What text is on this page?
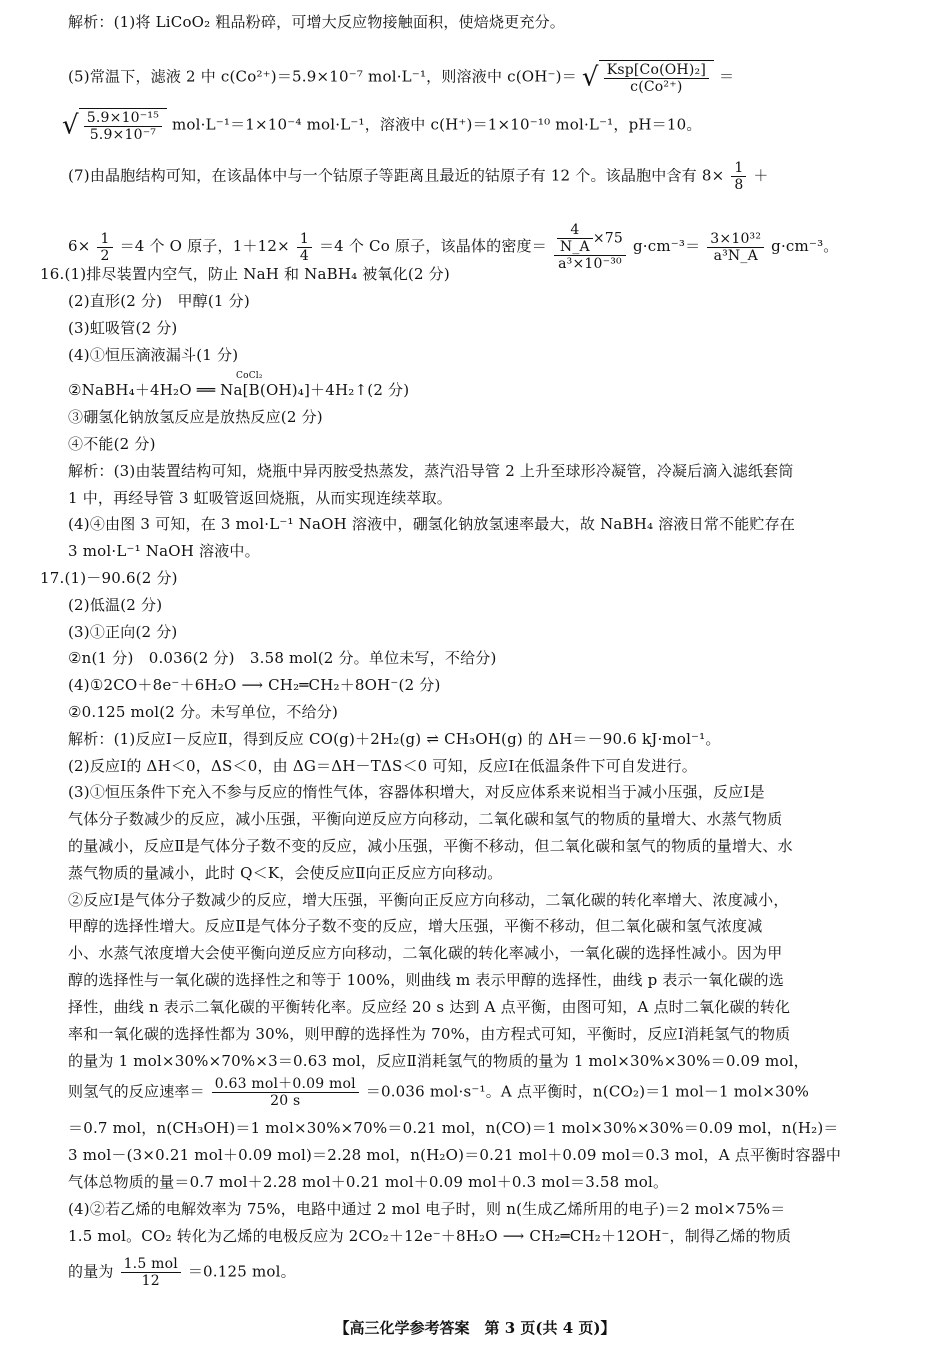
解析：(1)将 LiCoO₂ 粗品粉碎，可增大反应物接触面积，使焙烧更充分。
(5)常温下，滤液 2 中 c(Co²⁺)＝5.9×10⁻⁷ mol·L⁻¹，则溶液中 c(OH⁻)＝ √ $\frac{\text{Ksp[Co(OH)₂]}}{\text{c(Co²⁺)}}$ ＝
√ $\frac{\text{5.9×10⁻¹⁵}}{\text{5.9×10⁻⁷}} mol\cdot L^{-1}=1\times 10^{-4}$ mol·L⁻¹，溶液中 c(H⁺)＝1×10⁻¹⁰ mol·L⁻¹，pH＝10。
(7)由晶胞结构可知，在该晶体中与一个钴原子等距离且最近的钴原子有 12 个。该晶胞中含有 $8\times \frac{1}{8}$ ＋
$6\times \frac{1}{2} =4$ 个 O 原子，$1+12\times \frac{1}{4} =4$ 个 Co 原子，该晶体的密度＝ $\frac{\frac{4}{N\_A} \times 75}{\text{a³×10⁻³⁰}} g\cdot cm^{-3}= \frac{\text{3×10³²}}{\text{a³N\_A}} g\cdot cm^{-3}$。
16.(1)排尽装置内空气，防止 NaH 和 NaBH₄ 被氧化(2 分)
(2)直形(2 分)　甲醇(1 分)
(3)虹吸管(2 分)
(4)①恒压滴液漏斗(1 分)
CoCl₂
②NaBH₄＋4H₂O ══ Na[B(OH)₄]＋4H₂↑(2 分)
③硼氢化钠放氢反应是放热反应(2 分)
④不能(2 分)
解析：(3)由装置结构可知，烧瓶中异丙胺受热蒸发，蒸汽沿导管 2 上升至球形冷凝管，冷凝后滴入滤纸套筒
1 中，再经导管 3 虹吸管返回烧瓶，从而实现连续萃取。
(4)④由图 3 可知，在 3 mol·L⁻¹ NaOH 溶液中，硼氢化钠放氢速率最大，故 NaBH₄ 溶液日常不能贮存在
3 mol·L⁻¹ NaOH 溶液中。
17.(1)－90.6(2 分)
(2)低温(2 分)
(3)①正向(2 分)
②n(1 分)　0.036(2 分)　3.58 mol(2 分。单位未写，不给分)
(4)①2CO＋8e⁻＋6H₂O ⟶ CH₂═CH₂＋8OH⁻(2 分)
②0.125 mol(2 分。未写单位，不给分)
解析：(1)反应Ⅰ－反应Ⅱ，得到反应 CO(g)＋2H₂(g) ⇌ CH₃OH(g) 的 ΔH＝－90.6 kJ·mol⁻¹。
(2)反应Ⅰ的 ΔH＜0，ΔS＜0，由 ΔG＝ΔH－TΔS＜0 可知，反应Ⅰ在低温条件下可自发进行。
(3)①恒压条件下充入不参与反应的惰性气体，容器体积增大，对反应体系来说相当于减小压强，反应Ⅰ是
气体分子数减少的反应，减小压强，平衡向逆反应方向移动，二氧化碳和氢气的物质的量增大、水蒸气物质
的量减小，反应Ⅱ是气体分子数不变的反应，减小压强，平衡不移动，但二氧化碳和氢气的物质的量增大、水
蒸气物质的量减小，此时 Q＜K，会使反应Ⅱ向正反应方向移动。
②反应Ⅰ是气体分子数减少的反应，增大压强，平衡向正反应方向移动，二氧化碳的转化率增大、浓度减小，
甲醇的选择性增大。反应Ⅱ是气体分子数不变的反应，增大压强，平衡不移动，但二氧化碳和氢气浓度减
小、水蒸气浓度增大会使平衡向逆反应方向移动，二氧化碳的转化率减小，一氧化碳的选择性减小。因为甲
醇的选择性与一氧化碳的选择性之和等于 100%，则曲线 m 表示甲醇的选择性，曲线 p 表示一氧化碳的选
择性，曲线 n 表示二氧化碳的平衡转化率。反应经 20 s 达到 A 点平衡，由图可知，A 点时二氧化碳的转化
率和一氧化碳的选择性都为 30%，则甲醇的选择性为 70%，由方程式可知，平衡时，反应Ⅰ消耗氢气的物质
的量为 1 mol×30%×70%×3＝0.63 mol，反应Ⅱ消耗氢气的物质的量为 1 mol×30%×30%＝0.09 mol，
则氢气的反应速率＝ $\frac{\text{0.63 mol＋0.09 mol}}{20 s} =0.036$ mol·s⁻¹。A 点平衡时，n(CO₂)＝1 mol－1 mol×30%
＝0.7 mol，n(CH₃OH)＝1 mol×30%×70%＝0.21 mol，n(CO)＝1 mol×30%×30%＝0.09 mol，n(H₂)＝
3 mol－(3×0.21 mol＋0.09 mol)＝2.28 mol，n(H₂O)＝0.21 mol＋0.09 mol＝0.3 mol，A 点平衡时容器中
气体总物质的量＝0.7 mol＋2.28 mol＋0.21 mol＋0.09 mol＋0.3 mol＝3.58 mol。
(4)②若乙烯的电解效率为 75%，电路中通过 2 mol 电子时，则 n(生成乙烯所用的电子)＝2 mol×75%＝
1.5 mol。CO₂ 转化为乙烯的电极反应为 2CO₂＋12e⁻＋8H₂O ⟶ CH₂═CH₂＋12OH⁻，制得乙烯的物质
的量为 $\frac{\text{1.5 mol}}{12} =0.125$ mol。
【高三化学参考答案　第 3 页(共 4 页)】
